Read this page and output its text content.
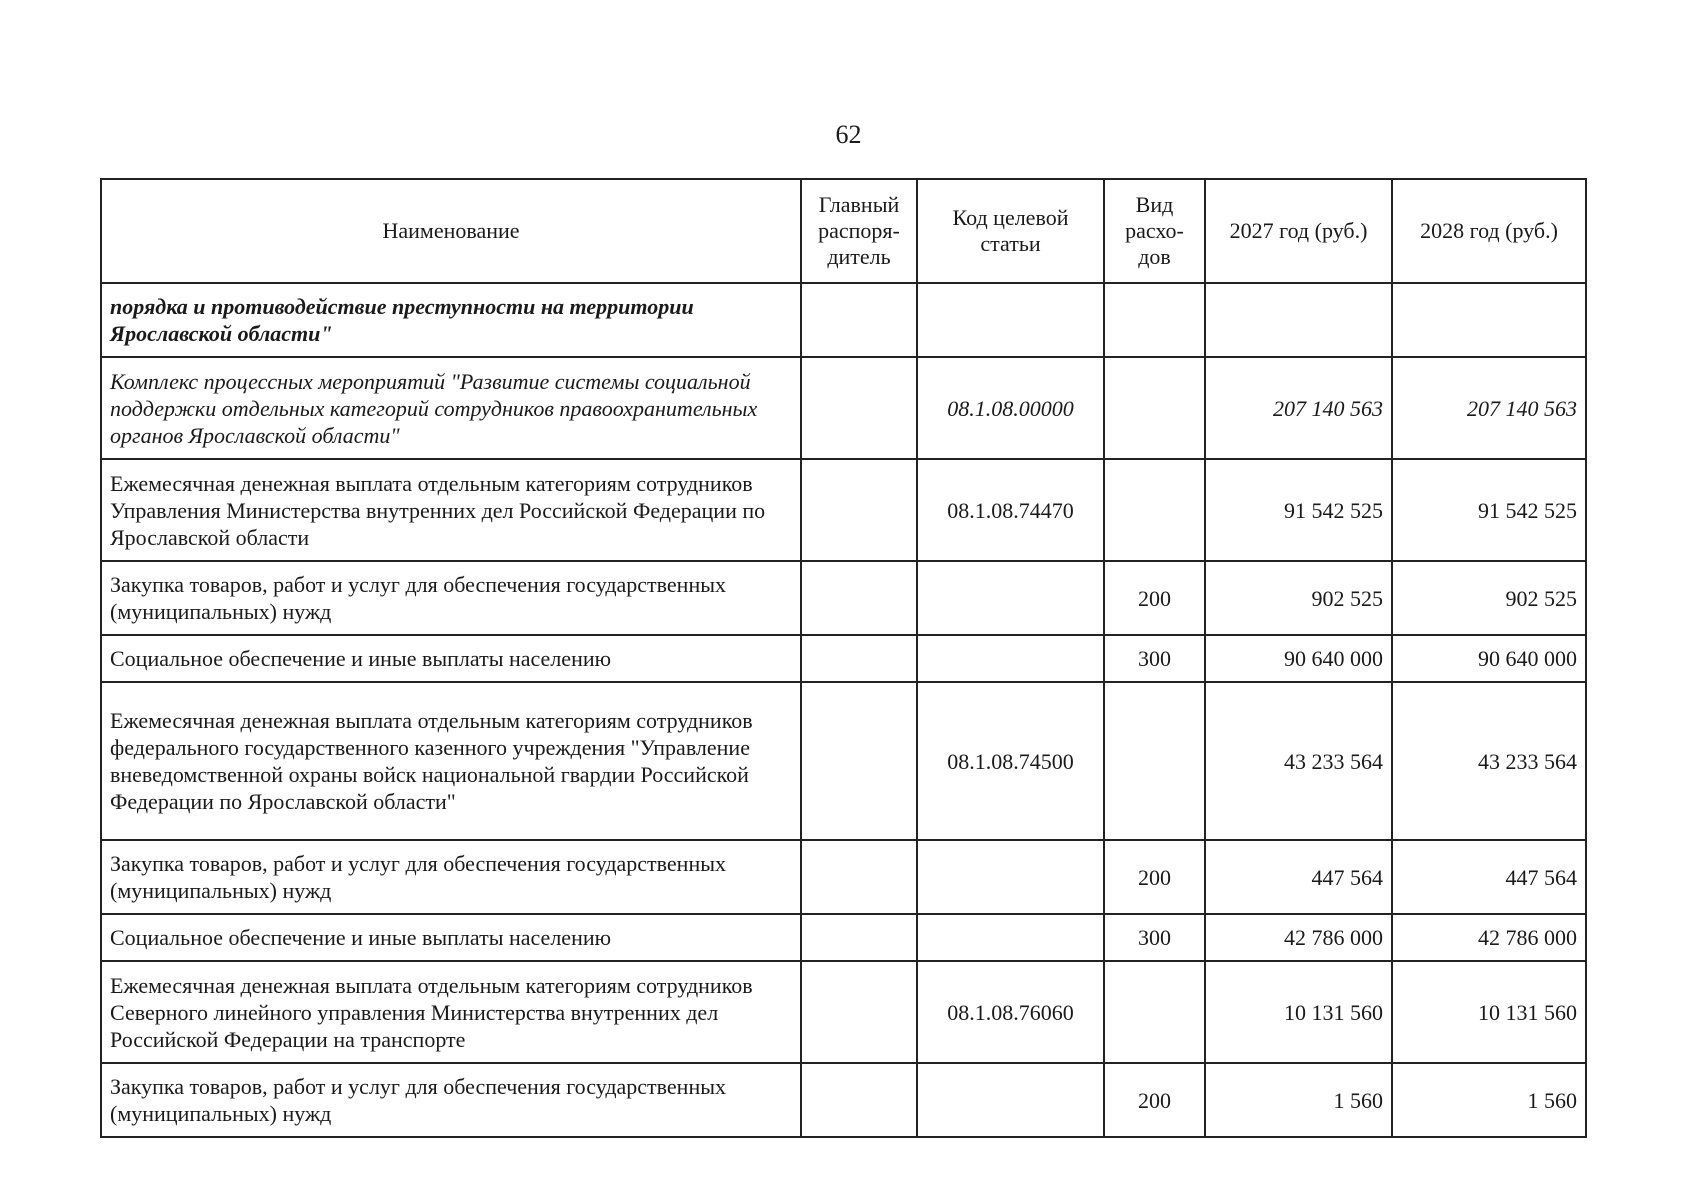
62
Наименование	Главный распоря-дитель	Код целевой статьи	Вид расхо-дов	2027 год (руб.)	2028 год (руб.)
порядка и противодействие преступности на территории Ярославской области"					
Комплекс процессных мероприятий "Развитие системы социальной поддержки отдельных категорий сотрудников правоохранительных органов Ярославской области"		08.1.08.00000		207 140 563	207 140 563
Ежемесячная денежная выплата отдельным категориям сотрудников Управления Министерства внутренних дел Российской Федерации по Ярославской области		08.1.08.74470		91 542 525	91 542 525
Закупка товаров, работ и услуг для обеспечения государственных (муниципальных) нужд			200	902 525	902 525
Социальное обеспечение и иные выплаты населению			300	90 640 000	90 640 000
Ежемесячная денежная выплата отдельным категориям сотрудников федерального государственного казенного учреждения "Управление вневедомственной охраны войск национальной гвардии Российской Федерации по Ярославской области"		08.1.08.74500		43 233 564	43 233 564
Закупка товаров, работ и услуг для обеспечения государственных (муниципальных) нужд			200	447 564	447 564
Социальное обеспечение и иные выплаты населению			300	42 786 000	42 786 000
Ежемесячная денежная выплата отдельным категориям сотрудников Северного линейного управления Министерства внутренних дел Российской Федерации на транспорте		08.1.08.76060		10 131 560	10 131 560
Закупка товаров, работ и услуг для обеспечения государственных (муниципальных) нужд			200	1 560	1 560
